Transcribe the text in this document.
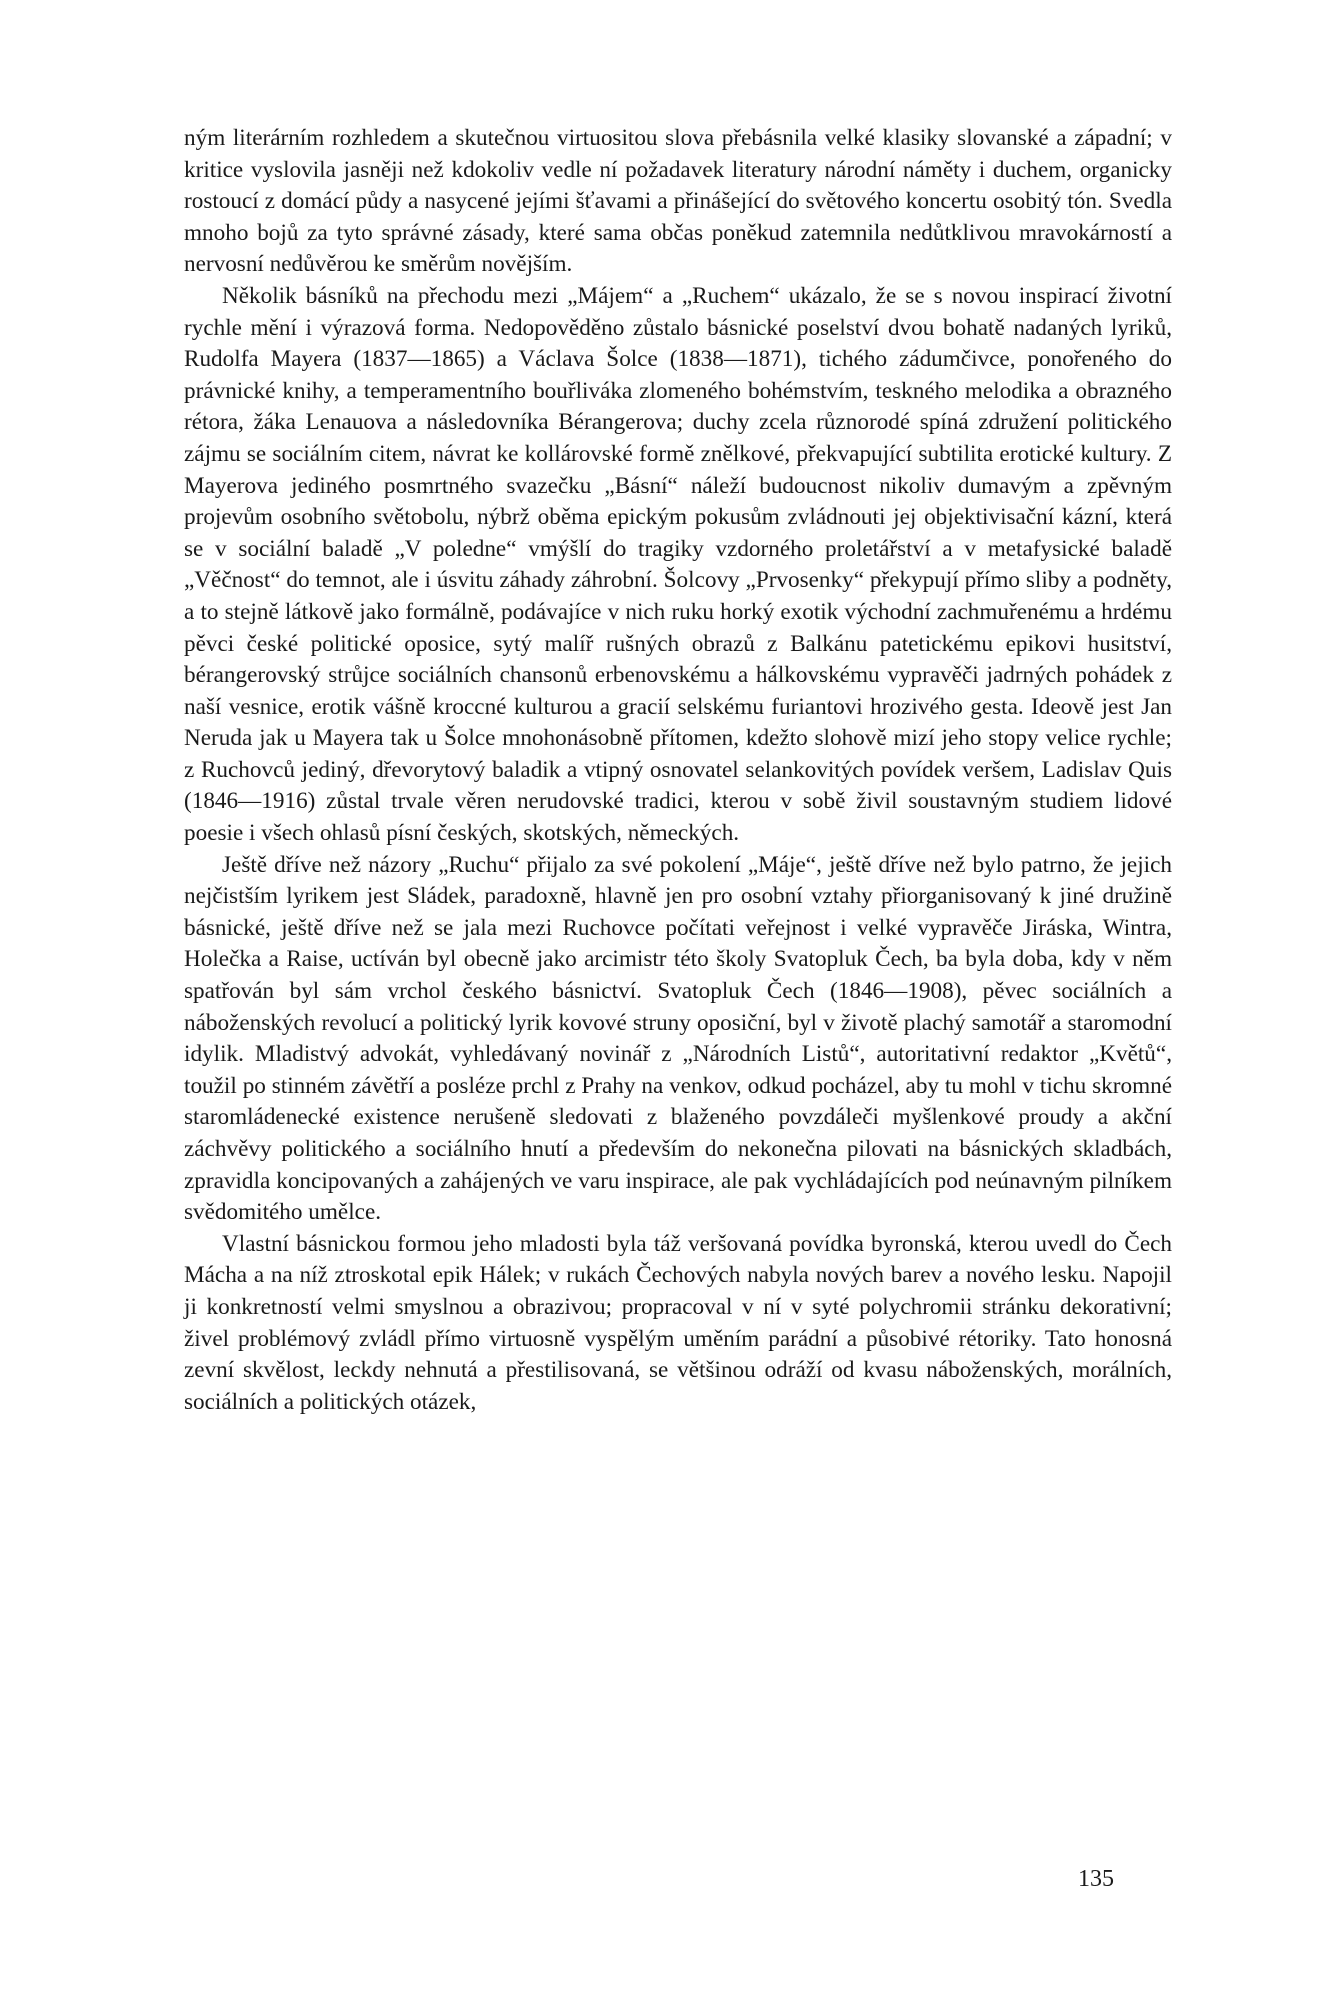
ným literárním rozhledem a skutečnou virtuositou slova přebásnila velké klasiky slovanské a západní; v kritice vyslovila jasněji než kdokoliv vedle ní požadavek literatury národní náměty i duchem, organicky rostoucí z domácí půdy a nasycené jejími šťavami a přinášející do světového koncertu osobitý tón. Svedla mnoho bojů za tyto správné zásady, které sama občas poněkud zatemnila nedůtklivou mravokárností a nervosní nedůvěrou ke směrům novějším.

Několik básníků na přechodu mezi „Májem“ a „Ruchem“ ukázalo, že se s novou inspirací životní rychle mění i výrazová forma. Nedopověděno zůstalo básnické poselství dvou bohatě nadaných lyriků, Rudolfa Mayera (1837—1865) a Václava Šolce (1838—1871), tichého zádumčivce, ponořeného do právnické knihy, a temperamentního bouřliváka zlomeného bohémstvím, teskného melodika a obrazného rétora, žáka Lenauova a následovníka Bérangerova; duchy zcela různorodé spíná združení politického zájmu se sociálním citem, návrat ke kollárovské formě znělkové, překvapující subtilita erotické kultury. Z Mayerova jediného posmrtného svazečku „Básní“ náleží budoucnost nikoliv dumavým a zpěvným projevům osobního světobolu, nýbrž oběma epickým pokusům zvládnouti jej objektivisační kázní, která se v sociální baladě „V poledne“ vmýšlí do tragiky vzdorného proletářství a v metafysické baladě „Věčnost“ do temnot, ale i úsvitu záhady záhrobní. Šolcovy „Prvosenky“ překypují přímo sliby a podněty, a to stejně látkově jako formálně, podávajíce v nich ruku horký exotik východní zachmuřenému a hrdému pěvci české politické oposice, sytý malíř rušných obrazů z Balkánu patetickému epikovi husitství, bérangerovský strůjce sociálních chansonů erbenovskému a hálkovskému vypravěči jadrných pohádek z naší vesnice, erotik vášně kroccné kulturou a gracií selskému furiantovi hrozivého gesta. Ideově jest Jan Neruda jak u Mayera tak u Šolce mnohonásobně přítomen, kdežto slohově mizí jeho stopy velice rychle; z Ruchovců jediný, dřevorytový baladik a vtipný osnovatel selankovitých povídek veršem, Ladislav Quis (1846—1916) zůstal trvale věren nerudovské tradici, kterou v sobě živil soustavným studiem lidové poesie i všech ohlasů písní českých, skotských, německých.

Ještě dříve než názory „Ruchu“ přijalo za své pokolení „Máje“, ještě dříve než bylo patrno, že jejich nejčistším lyrikem jest Sládek, paradoxně, hlavně jen pro osobní vztahy přiorganisovaný k jiné družině básnické, ještě dříve než se jala mezi Ruchovce počítati veřejnost i velké vypravěče Jiráska, Wintra, Holečka a Raise, uctíván byl obecně jako arcimistr této školy Svatopluk Čech, ba byla doba, kdy v něm spatřován byl sám vrchol českého básnictví. Svatopluk Čech (1846—1908), pěvec sociálních a náboženských revolucí a politický lyrik kovové struny oposiční, byl v životě plachý samotář a staromodní idylik. Mladistvý advokát, vyhledávaný novinář z „Národních Listů“, autoritativní redaktor „Květů“, toužil po stinném závětří a posléze prchl z Prahy na venkov, odkud pocházel, aby tu mohl v tichu skromné staromládenecké existence nerušeně sledovati z blaženého povzdáleči myšlenkové proudy a akční záchvěvy politického a sociálního hnutí a především do nekonečna pilovati na básnických skladbách, zpravidla koncipovaných a zahájených ve varu inspirace, ale pak vychládajících pod neúnavným pilníkem svědomitého umělce.

Vlastní básnickou formou jeho mladosti byla táž veršovaná povídka byronská, kterou uvedl do Čech Mácha a na níž ztroskotal epik Hálek; v rukách Čechových nabyla nových barev a nového lesku. Napojil ji konkretností velmi smyslnou a obrazivou; propracoval v ní v syté polychromii stránku dekorativní; živel problémový zvládl přímo virtuosně vyspělým uměním parádní a působivé rétoriky. Tato honosná zevní skvělost, leckdy nehnutá a přestilisovaná, se většinou odráží od kvasu náboženských, morálních, sociálních a politických otázek,

135
